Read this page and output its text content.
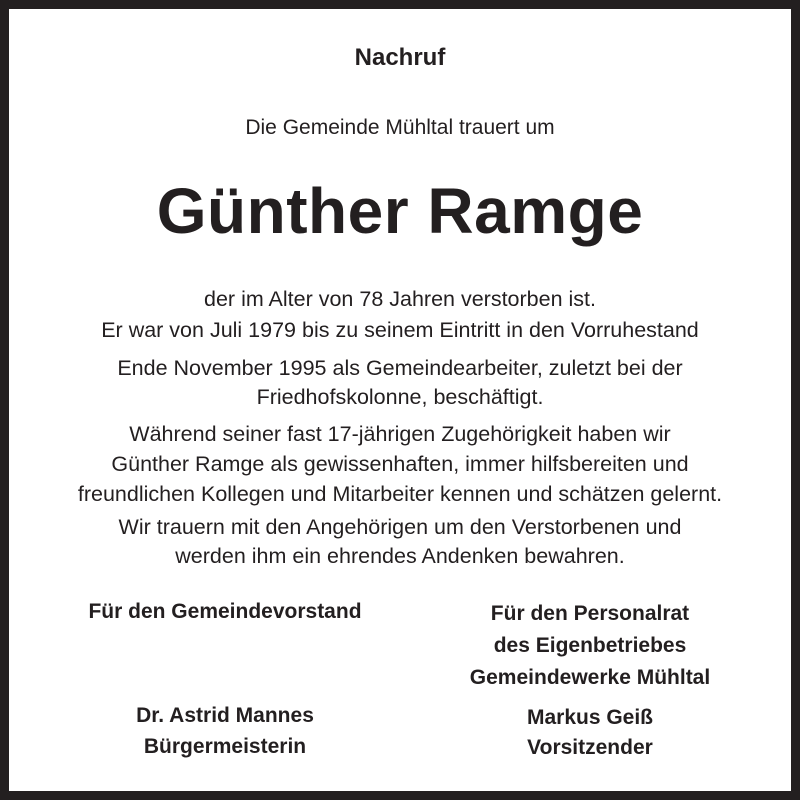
Nachruf
Die Gemeinde Mühltal trauert um
Günther Ramge
der im Alter von 78 Jahren verstorben ist.
Er war von Juli 1979 bis zu seinem Eintritt in den Vorruhestand
Ende November 1995 als Gemeindearbeiter, zuletzt bei der
Friedhofskolonne, beschäftigt.
Während seiner fast 17-jährigen Zugehörigkeit haben wir
Günther Ramge als gewissenhaften, immer hilfsbereiten und
freundlichen Kollegen und Mitarbeiter kennen und schätzen gelernt.
Wir trauern mit den Angehörigen um den Verstorbenen und
werden ihm ein ehrendes Andenken bewahren.
Für den Gemeindevorstand
Dr. Astrid Mannes
Bürgermeisterin
Für den Personalrat
des Eigenbetriebes
Gemeindewerke Mühltal
Markus Geiß
Vorsitzender
